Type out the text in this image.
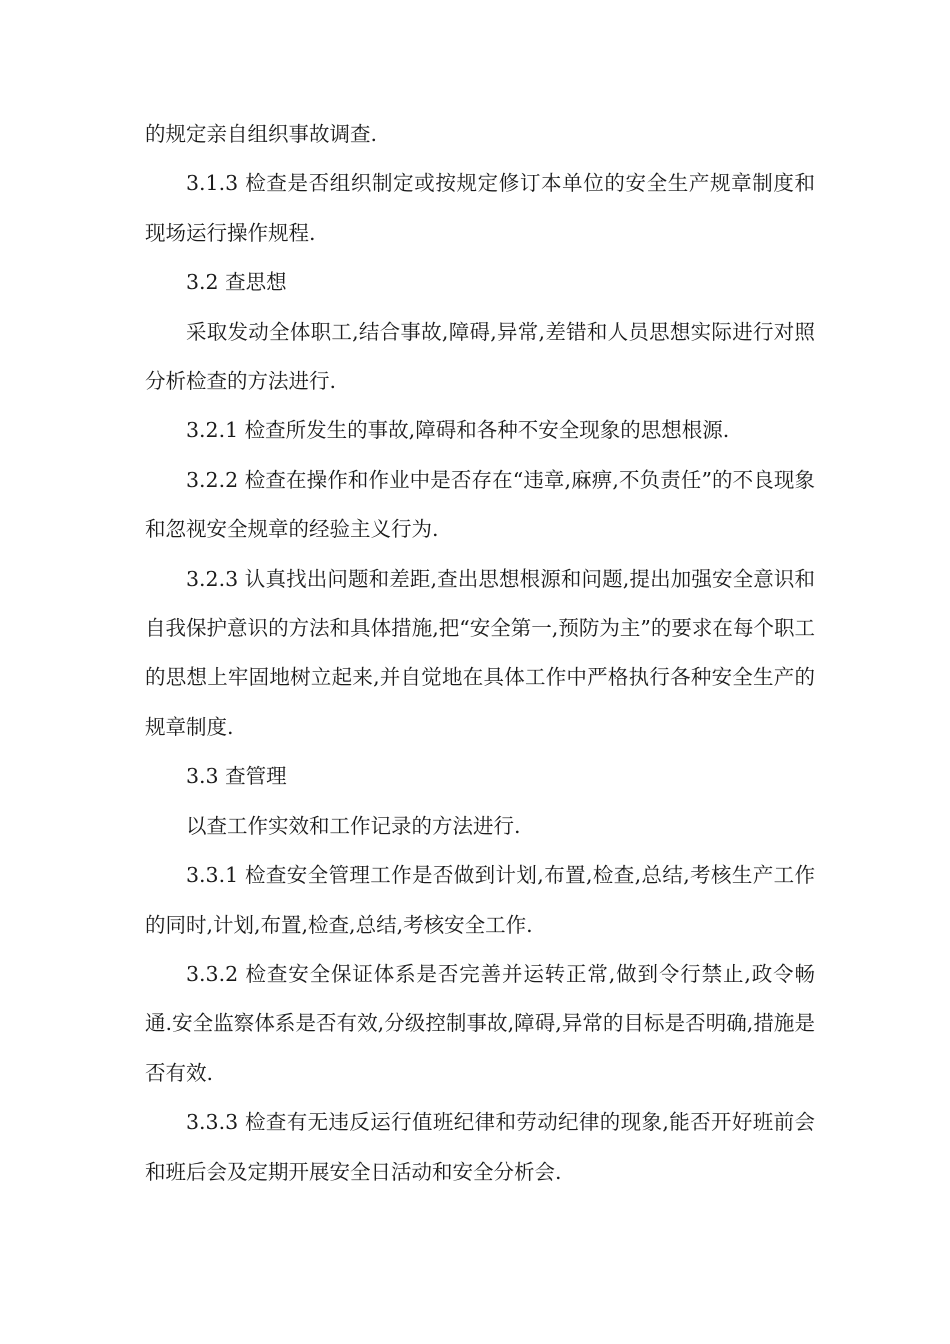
的规定亲自组织事故调查.

3.1.3 检查是否组织制定或按规定修订本单位的安全生产规章制度和现场运行操作规程.

3.2 查思想

采取发动全体职工,结合事故,障碍,异常,差错和人员思想实际进行对照分析检查的方法进行.

3.2.1 检查所发生的事故,障碍和各种不安全现象的思想根源.

3.2.2 检查在操作和作业中是否存在“违章,麻痹,不负责任”的不良现象和忽视安全规章的经验主义行为.

3.2.3 认真找出问题和差距,查出思想根源和问题,提出加强安全意识和自我保护意识的方法和具体措施,把“安全第一,预防为主”的要求在每个职工的思想上牢固地树立起来,并自觉地在具体工作中严格执行各种安全生产的规章制度.

3.3 查管理

以查工作实效和工作记录的方法进行.

3.3.1 检查安全管理工作是否做到计划,布置,检查,总结,考核生产工作的同时,计划,布置,检查,总结,考核安全工作.

3.3.2 检查安全保证体系是否完善并运转正常,做到令行禁止,政令畅通.安全监察体系是否有效,分级控制事故,障碍,异常的目标是否明确,措施是否有效.

3.3.3 检查有无违反运行值班纪律和劳动纪律的现象,能否开好班前会和班后会及定期开展安全日活动和安全分析会.
